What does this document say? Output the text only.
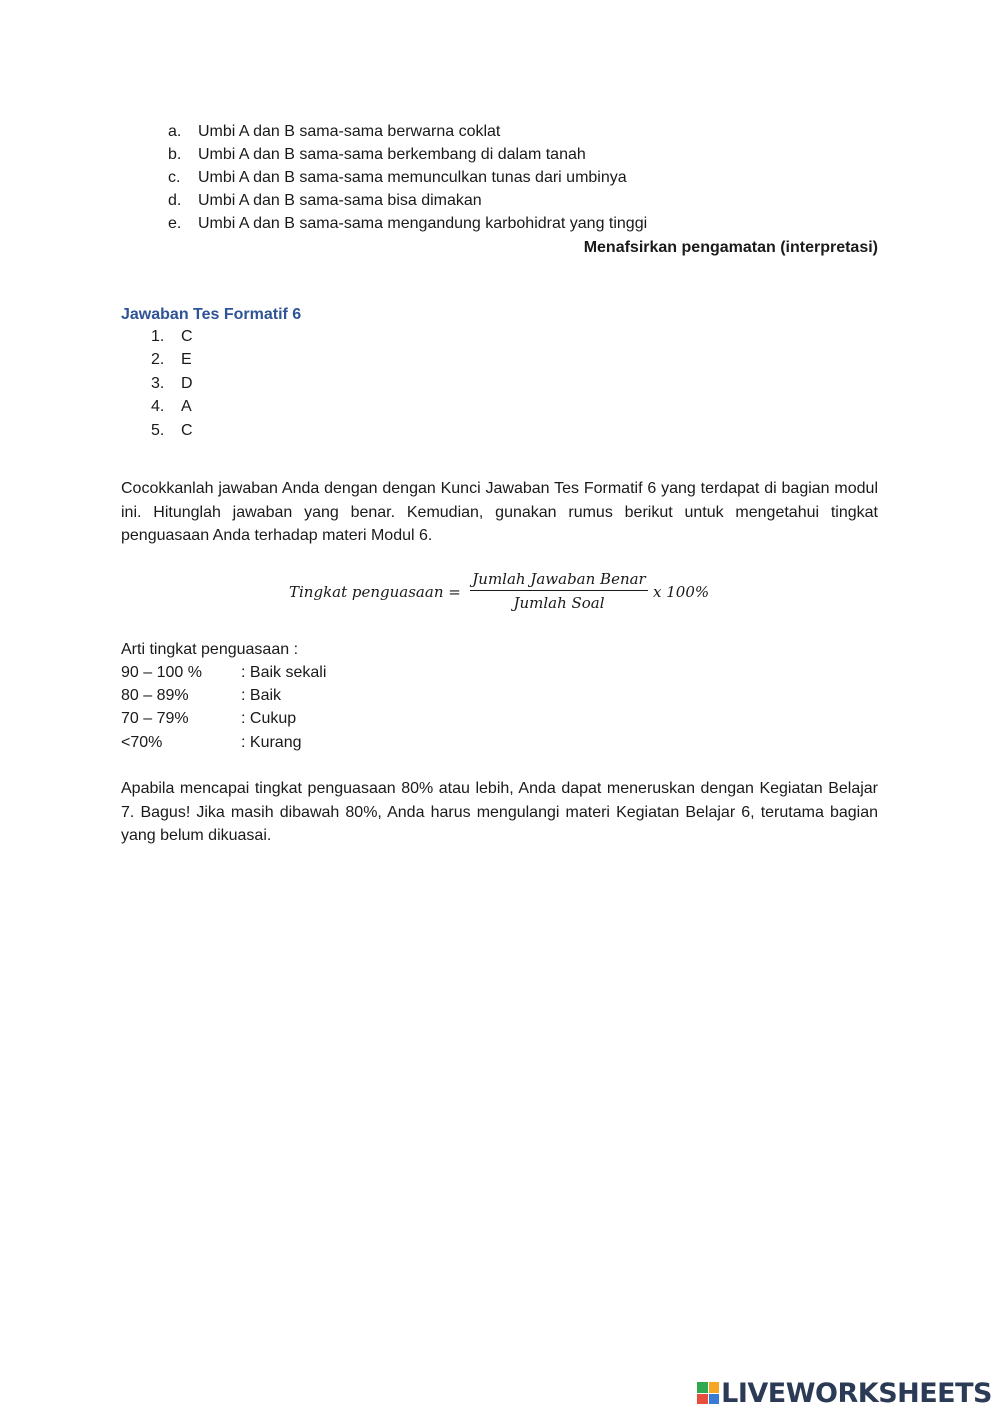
a. Umbi A dan B sama-sama berwarna coklat
b. Umbi A dan B sama-sama berkembang di dalam tanah
c. Umbi A dan B sama-sama memunculkan tunas dari umbinya
d. Umbi A dan B sama-sama bisa dimakan
e. Umbi A dan B sama-sama mengandung karbohidrat yang tinggi
Menafsirkan pengamatan (interpretasi)
Jawaban Tes Formatif 6
1. C
2. E
3. D
4. A
5. C
Cocokkanlah jawaban Anda dengan dengan Kunci Jawaban Tes Formatif 6 yang terdapat di bagian modul ini. Hitunglah jawaban yang benar. Kemudian, gunakan rumus berikut untuk mengetahui tingkat penguasaan Anda terhadap materi Modul 6.
Tingkat penguasaan =
Jumlah Jawaban Benar
Jumlah Soal
x 100%
Arti tingkat penguasaan :
90 – 100 % : Baik sekali
80 – 89%	: Baik
70 – 79%	: Cukup
<70%	: Kurang
Apabila mencapai tingkat penguasaan 80% atau lebih, Anda dapat meneruskan dengan Kegiatan Belajar 7. Bagus! Jika masih dibawah 80%, Anda harus mengulangi materi Kegiatan Belajar 6, terutama bagian yang belum dikuasai.
LIVEWORKSHEETS
